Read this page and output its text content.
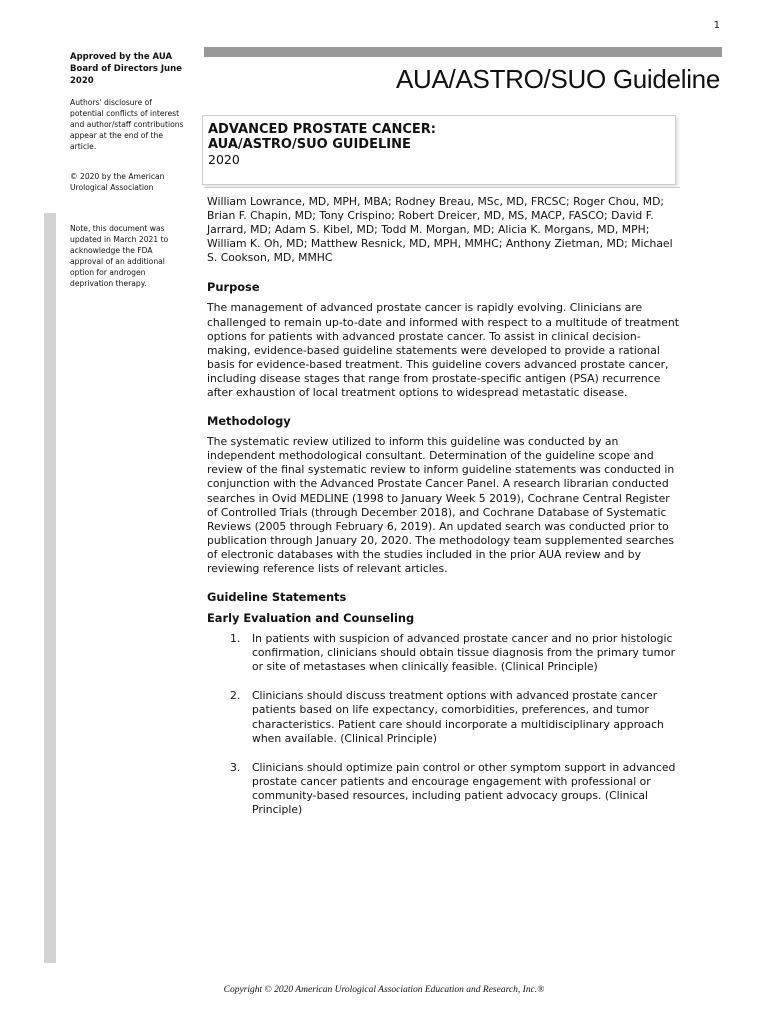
1
Approved by the AUA Board of Directors June 2020
Authors' disclosure of potential conflicts of interest and author/staff contributions appear at the end of the article.
© 2020 by the American Urological Association
Note, this document was updated in March 2021 to acknowledge the FDA approval of an additional option for androgen deprivation therapy.
AUA/ASTRO/SUO Guideline
ADVANCED PROSTATE CANCER:
AUA/ASTRO/SUO GUIDELINE
2020

William Lowrance, MD, MPH, MBA; Rodney Breau, MSc, MD, FRCSC; Roger Chou, MD; Brian F. Chapin, MD; Tony Crispino; Robert Dreicer, MD, MS, MACP, FASCO; David F. Jarrard, MD; Adam S. Kibel, MD; Todd M. Morgan, MD; Alicia K. Morgans, MD, MPH; William K. Oh, MD; Matthew Resnick, MD, MPH, MMHC; Anthony Zietman, MD; Michael S. Cookson, MD, MMHC

Purpose

The management of advanced prostate cancer is rapidly evolving. Clinicians are challenged to remain up-to-date and informed with respect to a multitude of treatment options for patients with advanced prostate cancer. To assist in clinical decision-making, evidence-based guideline statements were developed to provide a rational basis for evidence-based treatment. This guideline covers advanced prostate cancer, including disease stages that range from prostate-specific antigen (PSA) recurrence after exhaustion of local treatment options to widespread metastatic disease.

Methodology

The systematic review utilized to inform this guideline was conducted by an independent methodological consultant. Determination of the guideline scope and review of the final systematic review to inform guideline statements was conducted in conjunction with the Advanced Prostate Cancer Panel. A research librarian conducted searches in Ovid MEDLINE (1998 to January Week 5 2019), Cochrane Central Register of Controlled Trials (through December 2018), and Cochrane Database of Systematic Reviews (2005 through February 6, 2019). An updated search was conducted prior to publication through January 20, 2020. The methodology team supplemented searches of electronic databases with the studies included in the prior AUA review and by reviewing reference lists of relevant articles.

Guideline Statements
Early Evaluation and Counseling
1. In patients with suspicion of advanced prostate cancer and no prior histologic confirmation, clinicians should obtain tissue diagnosis from the primary tumor or site of metastases when clinically feasible. (Clinical Principle)
2. Clinicians should discuss treatment options with advanced prostate cancer patients based on life expectancy, comorbidities, preferences, and tumor characteristics. Patient care should incorporate a multidisciplinary approach when available. (Clinical Principle)
3. Clinicians should optimize pain control or other symptom support in advanced prostate cancer patients and encourage engagement with professional or community-based resources, including patient advocacy groups. (Clinical Principle)
Copyright © 2020 American Urological Association Education and Research, Inc.®
